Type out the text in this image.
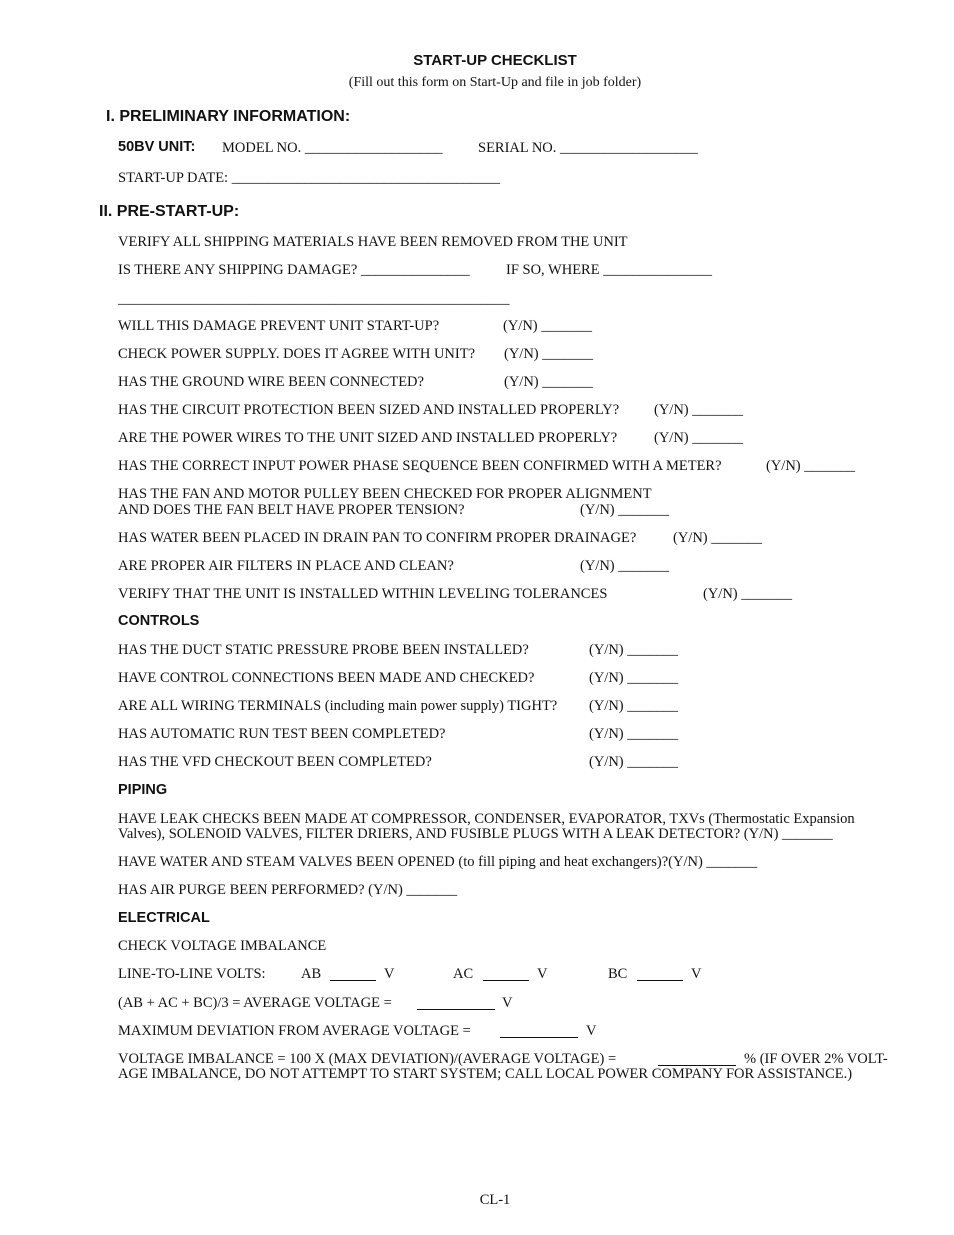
START-UP CHECKLIST
(Fill out this form on Start-Up and file in job folder)
I. PRELIMINARY INFORMATION:
50BV UNIT: MODEL NO. ___________________ SERIAL NO. ___________________
START-UP DATE: _____________________________________
II. PRE-START-UP:
VERIFY ALL SHIPPING MATERIALS HAVE BEEN REMOVED FROM THE UNIT
IS THERE ANY SHIPPING DAMAGE? _______________	IF SO, WHERE _______________
______________________________________________________
WILL THIS DAMAGE PREVENT UNIT START-UP?	(Y/N) _______
CHECK POWER SUPPLY. DOES IT AGREE WITH UNIT? (Y/N) _______
HAS THE GROUND WIRE BEEN CONNECTED?	(Y/N) _______
HAS THE CIRCUIT PROTECTION BEEN SIZED AND INSTALLED PROPERLY? (Y/N) _______
ARE THE POWER WIRES TO THE UNIT SIZED AND INSTALLED PROPERLY?	(Y/N) _______
HAS THE CORRECT INPUT POWER PHASE SEQUENCE BEEN CONFIRMED WITH A METER?	(Y/N) _______
HAS THE FAN AND MOTOR PULLEY BEEN CHECKED FOR PROPER ALIGNMENT
AND DOES THE FAN BELT HAVE PROPER TENSION?	(Y/N) _______
HAS WATER BEEN PLACED IN DRAIN PAN TO CONFIRM PROPER DRAINAGE?	(Y/N) _______
ARE PROPER AIR FILTERS IN PLACE AND CLEAN?	(Y/N) _______
VERIFY THAT THE UNIT IS INSTALLED WITHIN LEVELING TOLERANCES	(Y/N) _______
CONTROLS
HAS THE DUCT STATIC PRESSURE PROBE BEEN INSTALLED?	(Y/N) _______
HAVE CONTROL CONNECTIONS BEEN MADE AND CHECKED?	(Y/N) _______
ARE ALL WIRING TERMINALS (including main power supply) TIGHT? (Y/N) _______
HAS AUTOMATIC RUN TEST BEEN COMPLETED?	(Y/N) _______
HAS THE VFD CHECKOUT BEEN COMPLETED?	(Y/N) _______
PIPING
HAVE LEAK CHECKS BEEN MADE AT COMPRESSOR, CONDENSER, EVAPORATOR, TXVs (Thermostatic Expansion
Valves), SOLENOID VALVES, FILTER DRIERS, AND FUSIBLE PLUGS WITH A LEAK DETECTOR? (Y/N) _______
HAVE WATER AND STEAM VALVES BEEN OPENED (to fill piping and heat exchangers)?(Y/N) _______
HAS AIR PURGE BEEN PERFORMED? (Y/N) _______
ELECTRICAL
CHECK VOLTAGE IMBALANCE
LINE-TO-LINE VOLTS: AB	V	AC	V	BC	V
(AB + AC + BC)/3 = AVERAGE VOLTAGE =	V
MAXIMUM DEVIATION FROM AVERAGE VOLTAGE =	V
VOLTAGE IMBALANCE = 100 X (MAX DEVIATION)/(AVERAGE VOLTAGE) =	% (IF OVER 2% VOLT-
AGE IMBALANCE, DO NOT ATTEMPT TO START SYSTEM; CALL LOCAL POWER COMPANY FOR ASSISTANCE.)
CL-1
